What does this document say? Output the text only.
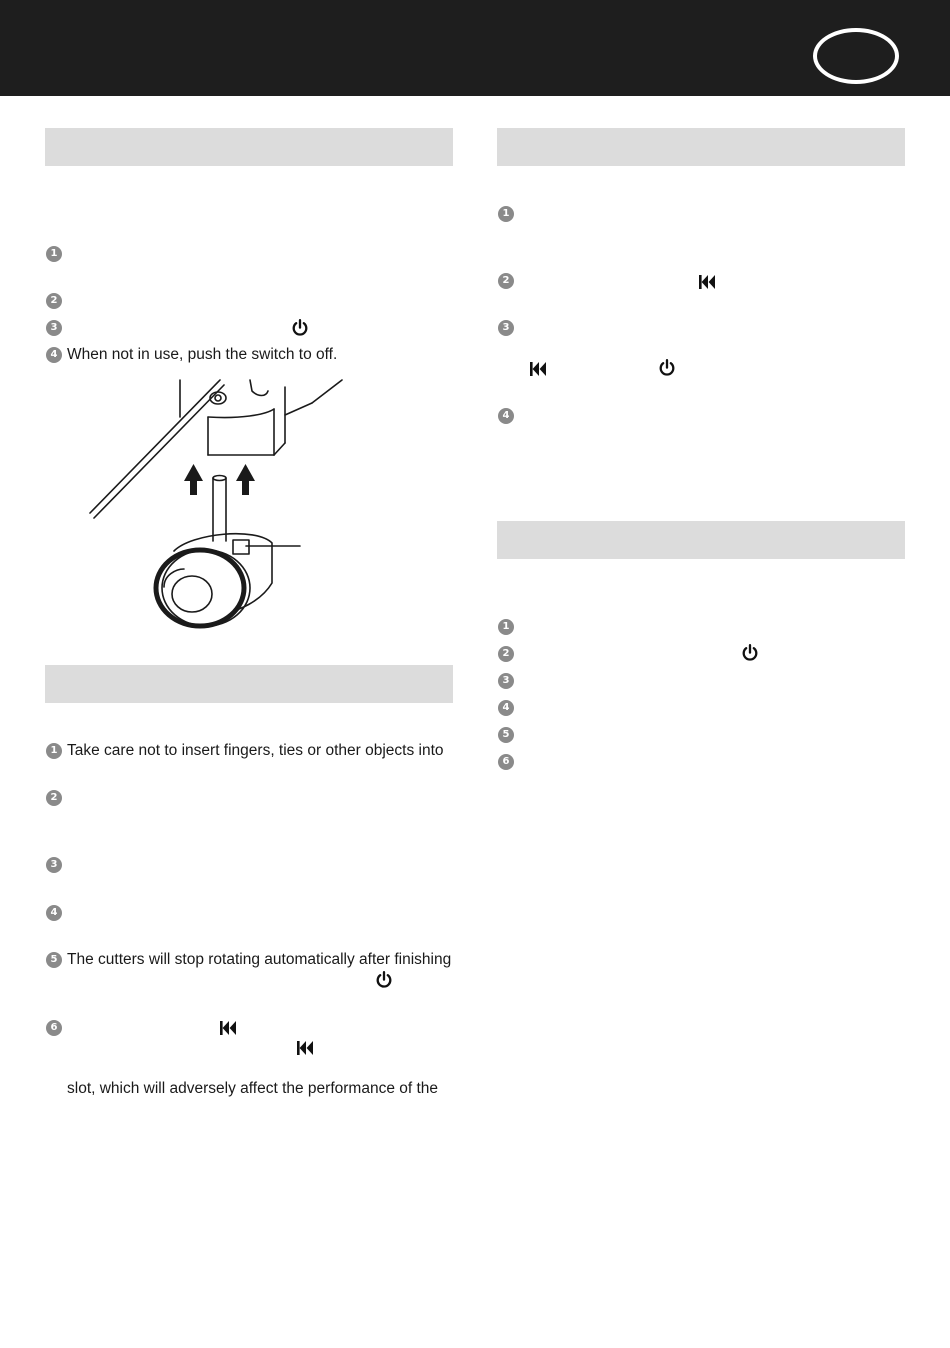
1
2
3
4 When not in use, push the switch to off.
1 Take care not to insert fingers, ties or other objects into
2
3
4
5 The cutters will stop rotating automatically after finishing
6
slot, which will adversely affect the performance of the
1
2
3
4
1
2
3
4
5
6
